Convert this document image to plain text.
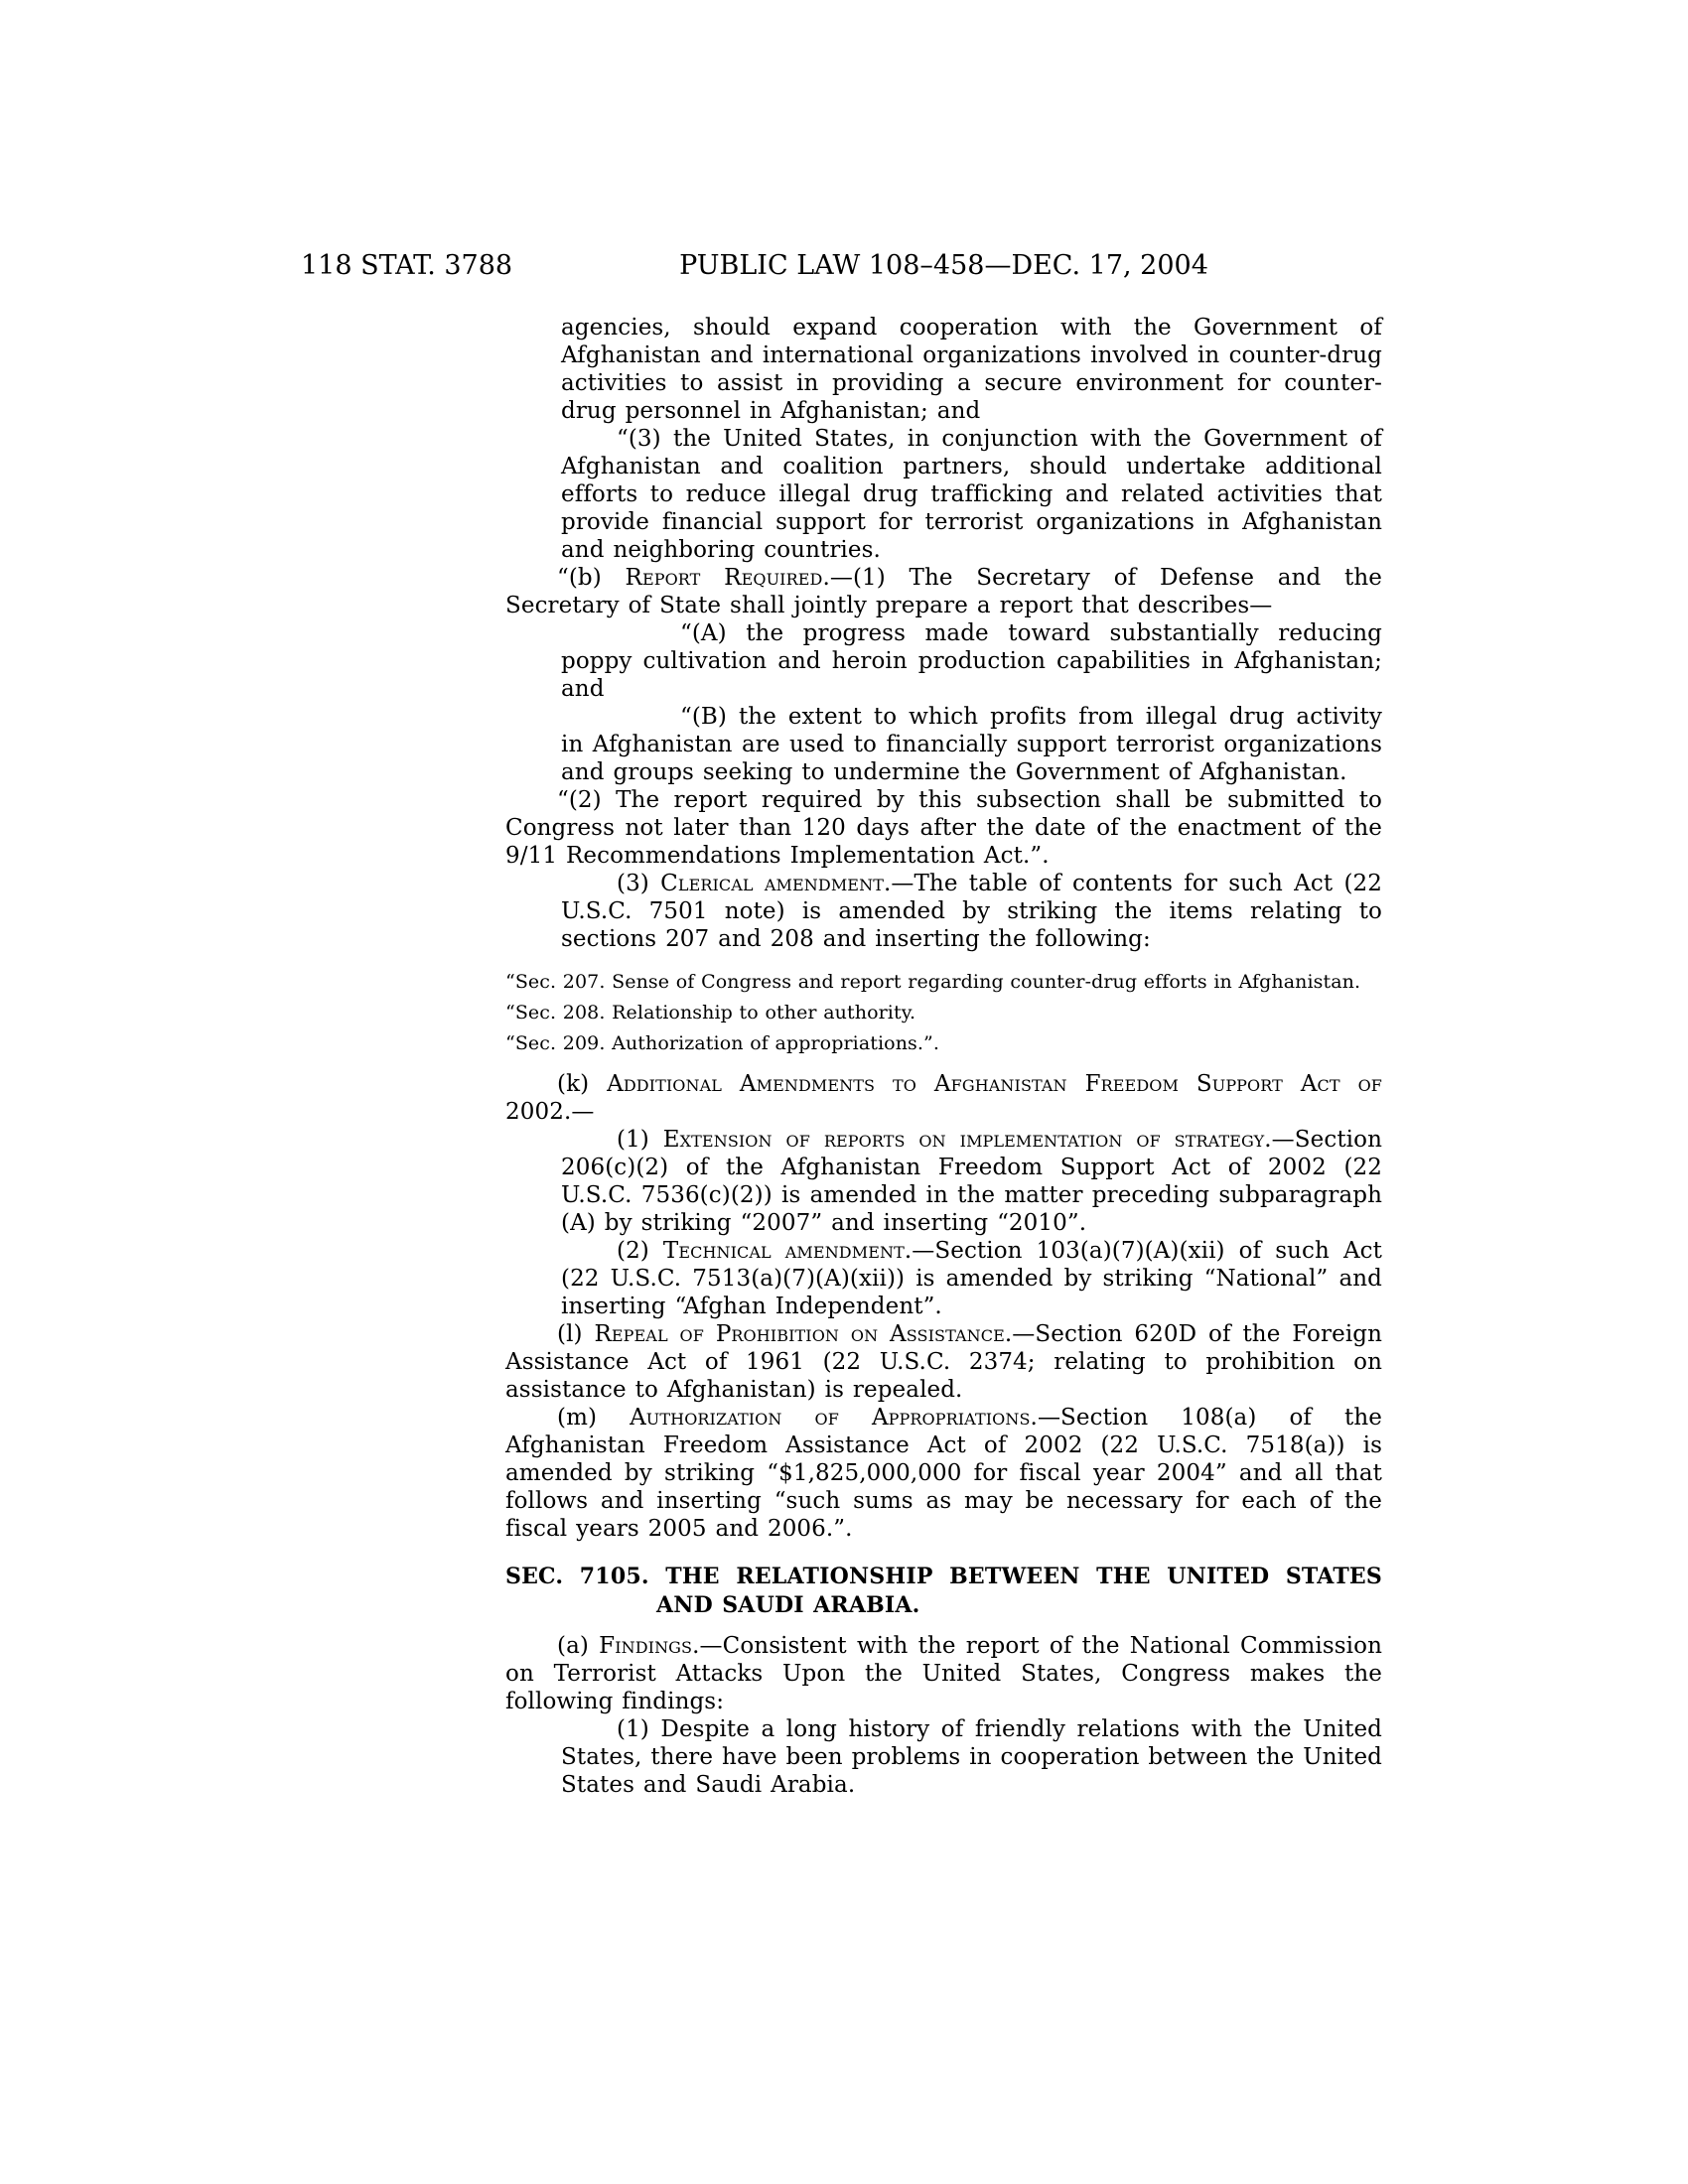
118 STAT. 3788	PUBLIC LAW 108–458—DEC. 17, 2004

agencies, should expand cooperation with the Government of Afghanistan and international organizations involved in counter-drug activities to assist in providing a secure environment for counter-drug personnel in Afghanistan; and

“(3) the United States, in conjunction with the Government of Afghanistan and coalition partners, should undertake additional efforts to reduce illegal drug trafficking and related activities that provide financial support for terrorist organizations in Afghanistan and neighboring countries.

“(b) Report Required.—(1) The Secretary of Defense and the Secretary of State shall jointly prepare a report that describes—

“(A) the progress made toward substantially reducing poppy cultivation and heroin production capabilities in Afghanistan; and

“(B) the extent to which profits from illegal drug activity in Afghanistan are used to financially support terrorist organizations and groups seeking to undermine the Government of Afghanistan.

“(2) The report required by this subsection shall be submitted to Congress not later than 120 days after the date of the enactment of the 9/11 Recommendations Implementation Act.”.

(3) Clerical amendment.—The table of contents for such Act (22 U.S.C. 7501 note) is amended by striking the items relating to sections 207 and 208 and inserting the following:

“Sec. 207. Sense of Congress and report regarding counter-drug efforts in Afghanistan.
“Sec. 208. Relationship to other authority.
“Sec. 209. Authorization of appropriations.”.

(k) Additional Amendments to Afghanistan Freedom Support Act of 2002.—

(1) Extension of reports on implementation of strategy.—Section 206(c)(2) of the Afghanistan Freedom Support Act of 2002 (22 U.S.C. 7536(c)(2)) is amended in the matter preceding subparagraph (A) by striking “2007” and inserting “2010”.

(2) Technical amendment.—Section 103(a)(7)(A)(xii) of such Act (22 U.S.C. 7513(a)(7)(A)(xii)) is amended by striking “National” and inserting “Afghan Independent”.

(l) Repeal of Prohibition on Assistance.—Section 620D of the Foreign Assistance Act of 1961 (22 U.S.C. 2374; relating to prohibition on assistance to Afghanistan) is repealed.

(m) Authorization of Appropriations.—Section 108(a) of the Afghanistan Freedom Assistance Act of 2002 (22 U.S.C. 7518(a)) is amended by striking “$1,825,000,000 for fiscal year 2004” and all that follows and inserting “such sums as may be necessary for each of the fiscal years 2005 and 2006.”.

SEC. 7105. THE RELATIONSHIP BETWEEN THE UNITED STATES AND SAUDI ARABIA.

(a) Findings.—Consistent with the report of the National Commission on Terrorist Attacks Upon the United States, Congress makes the following findings:

(1) Despite a long history of friendly relations with the United States, there have been problems in cooperation between the United States and Saudi Arabia.
